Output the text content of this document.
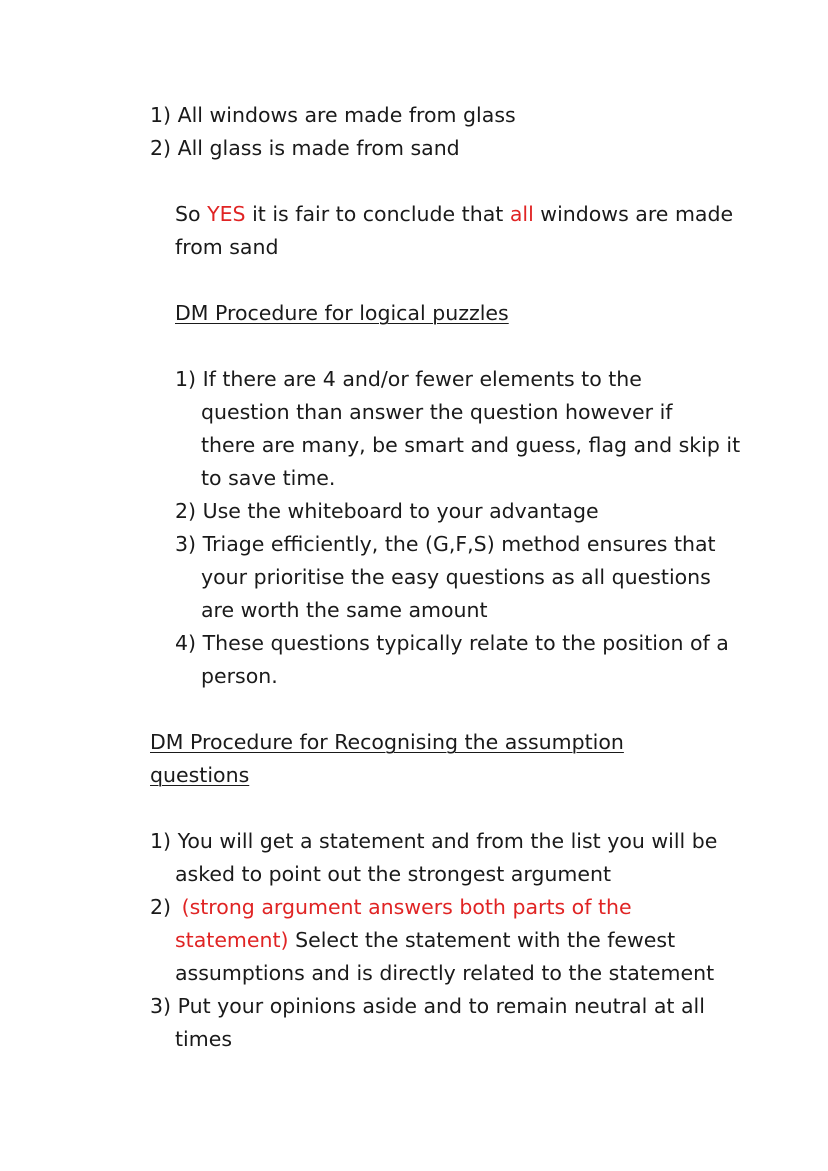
1) All windows are made from glass
2) All glass is made from sand
So YES it is fair to conclude that all windows are made
from sand
DM Procedure for logical puzzles
1) If there are 4 and/or fewer elements to the
question than answer the question however if
there are many, be smart and guess, flag and skip it
to save time.
2) Use the whiteboard to your advantage
3) Triage efficiently, the (G,F,S) method ensures that
your prioritise the easy questions as all questions
are worth the same amount
4) These questions typically relate to the position of a
person.
DM Procedure for Recognising the assumption
questions
1) You will get a statement and from the list you will be
asked to point out the strongest argument
2) (strong argument answers both parts of the
statement) Select the statement with the fewest
assumptions and is directly related to the statement
3) Put your opinions aside and to remain neutral at all
times
